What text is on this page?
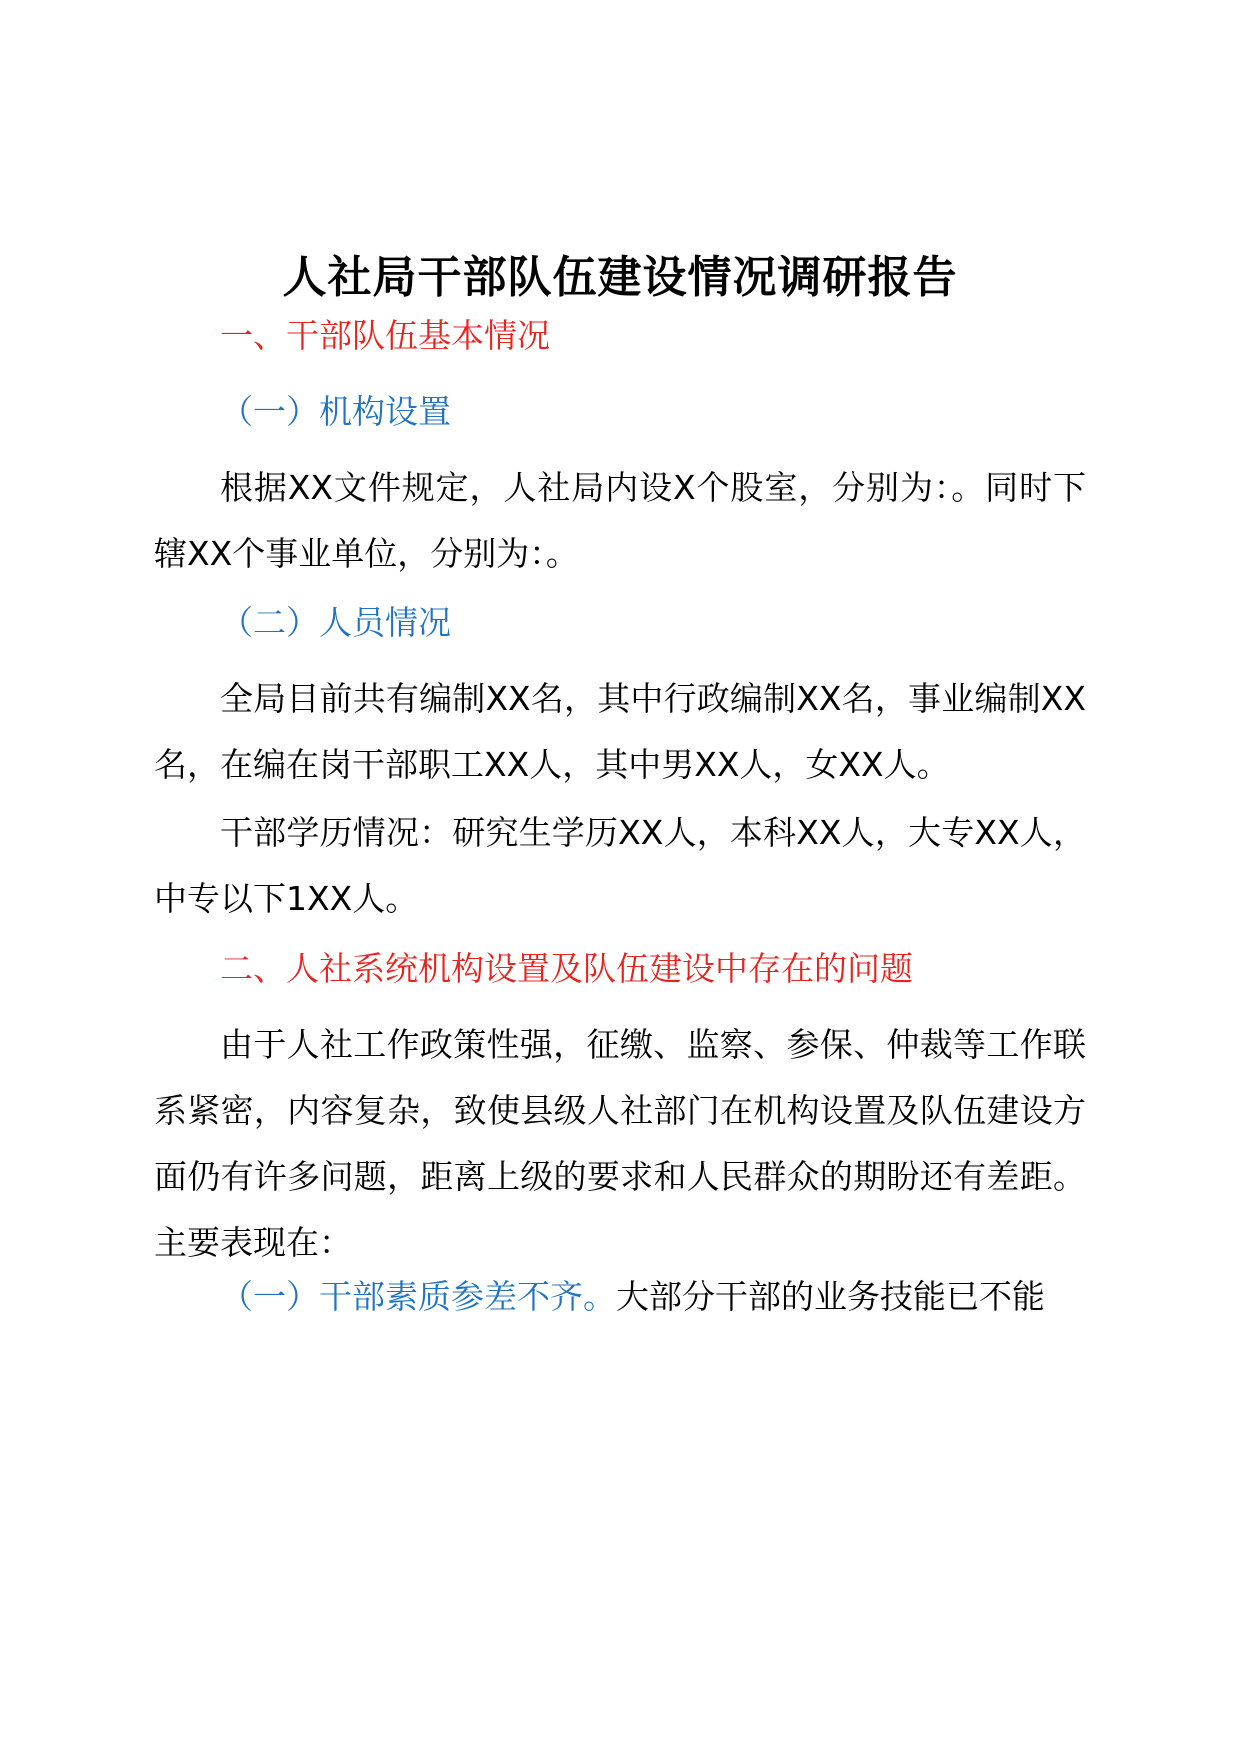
人社局干部队伍建设情况调研报告
一、干部队伍基本情况
（一）机构设置
根据XX文件规定，人社局内设X个股室，分别为：。同时下辖XX个事业单位，分别为：。
（二）人员情况
全局目前共有编制XX名，其中行政编制XX名，事业编制XX名，在编在岗干部职工XX人，其中男XX人，女XX人。
干部学历情况：研究生学历XX人，本科XX人，大专XX人，中专以下1XX人。
二、人社系统机构设置及队伍建设中存在的问题
由于人社工作政策性强，征缴、监察、参保、仲裁等工作联系紧密，内容复杂，致使县级人社部门在机构设置及队伍建设方面仍有许多问题，距离上级的要求和人民群众的期盼还有差距。主要表现在：
（一）干部素质参差不齐。大部分干部的业务技能已不能
